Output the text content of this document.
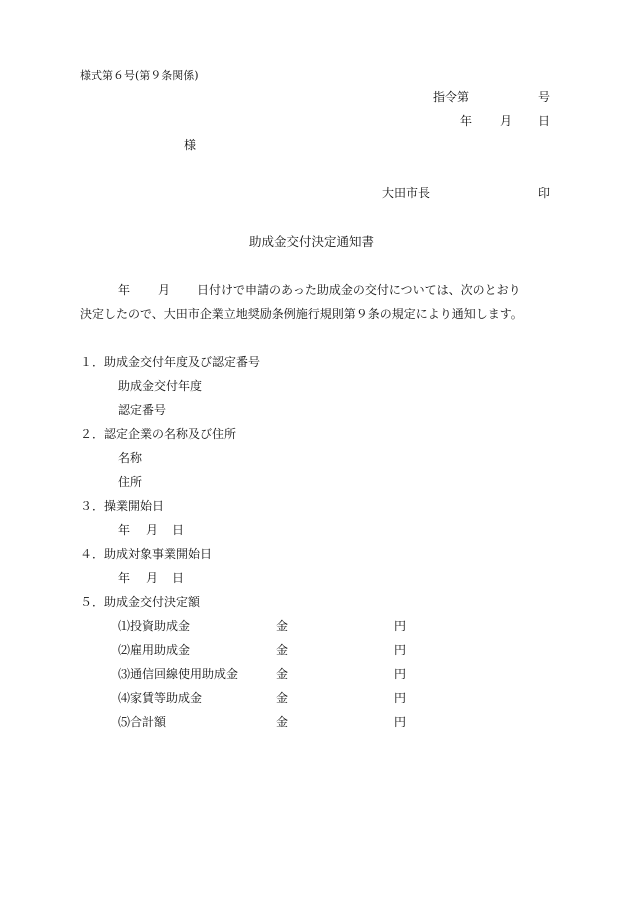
様式第６号(第９条関係)
指令第	号
年 月 日
様
大田市長	印
助成金交付決定通知書
年 月 日付けで申請のあった助成金の交付については、次のとおり
決定したので、大田市企業立地奨励条例施行規則第９条の規定により通知します。
１．助成金交付年度及び認定番号
助成金交付年度
認定番号
２．認定企業の名称及び住所
名称
住所
３．操業開始日
年 月 日
４．助成対象事業開始日
年 月 日
５．助成金交付決定額
⑴投資助成金	金	円
⑵雇用助成金	金	円
⑶通信回線使用助成金	金	円
⑷家賃等助成金	金	円
⑸合計額	金	円
